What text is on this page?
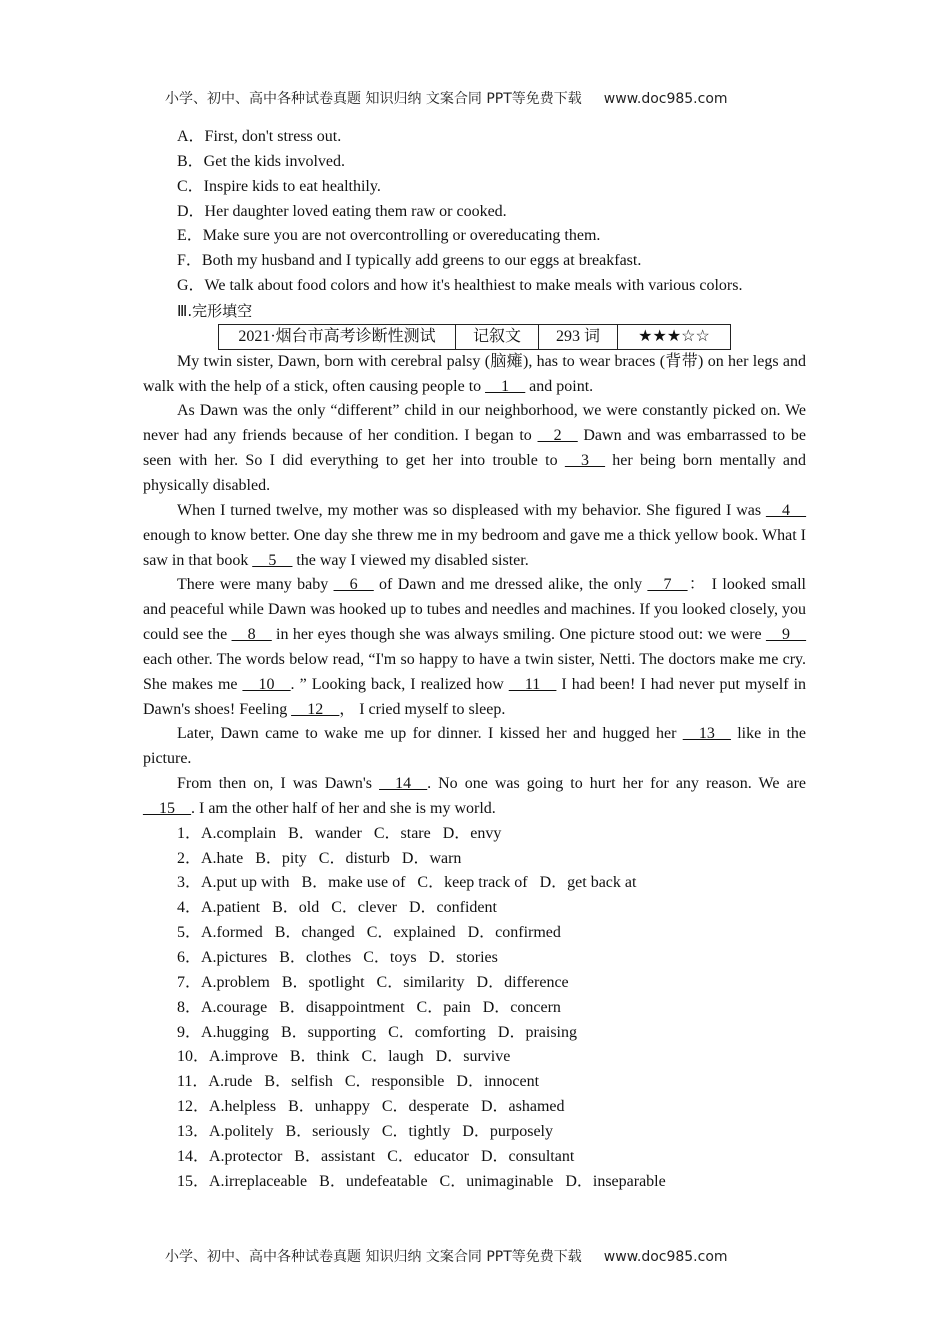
小学、初中、高中各种试卷真题 知识归纳 文案合同 PPT等免费下载 www.doc985.com
A．First, don't stress out.
B．Get the kids involved.
C．Inspire kids to eat healthily.
D．Her daughter loved eating them raw or cooked.
E．Make sure you are not overcontrolling or overeducating them.
F．Both my husband and I typically add greens to our eggs at breakfast.
G．We talk about food colors and how it's healthiest to make meals with various colors.
Ⅲ.完形填空
2021·烟台市高考诊断性测试	记叙文	293 词	★★★☆☆

My twin sister, Dawn, born with cerebral palsy (脑瘫), has to wear braces (背带) on her legs and walk with the help of a stick, often causing people to __1__ and point.

As Dawn was the only “different” child in our neighborhood, we were constantly picked on. We never had any friends because of her condition. I began to __2__ Dawn and was embarrassed to be seen with her. So I did everything to get her into trouble to __3__ her being born mentally and physically disabled.

When I turned twelve, my mother was so displeased with my behavior. She figured I was __4__ enough to know better. One day she threw me in my bedroom and gave me a thick yellow book. What I saw in that book __5__ the way I viewed my disabled sister.

There were many baby __6__ of Dawn and me dressed alike, the only __7__： I looked small and peaceful while Dawn was hooked up to tubes and needles and machines. If you looked closely, you could see the __8__ in her eyes though she was always smiling. One picture stood out: we were __9__ each other. The words below read, “I'm so happy to have a twin sister, Netti. The doctors make me cry. She makes me __10__. ” Looking back, I realized how __11__ I had been! I had never put myself in Dawn's shoes! Feeling __12__， I cried myself to sleep.

Later, Dawn came to wake me up for dinner. I kissed her and hugged her __13__ like in the picture.

From then on, I was Dawn's __14__. No one was going to hurt her for any reason. We are __15__. I am the other half of her and she is my world.

1．A.complain   B．wander   C．stare   D．envy
2．A.hate   B．pity   C．disturb   D．warn
3．A.put up with   B．make use of   C．keep track of   D．get back at
4．A.patient   B．old   C．clever   D．confident
5．A.formed   B．changed   C．explained   D．confirmed
6．A.pictures   B．clothes   C．toys   D．stories
7．A.problem   B．spotlight   C．similarity   D．difference
8．A.courage   B．disappointment   C．pain   D．concern
9．A.hugging   B．supporting   C．comforting   D．praising
10．A.improve   B．think   C．laugh   D．survive
11．A.rude   B．selfish   C．responsible   D．innocent
12．A.helpless   B．unhappy   C．desperate   D．ashamed
13．A.politely   B．seriously   C．tightly   D．purposely
14．A.protector   B．assistant   C．educator   D．consultant
15．A.irreplaceable   B．undefeatable   C．unimaginable   D．inseparable
小学、初中、高中各种试卷真题 知识归纳 文案合同 PPT等免费下载 www.doc985.com
